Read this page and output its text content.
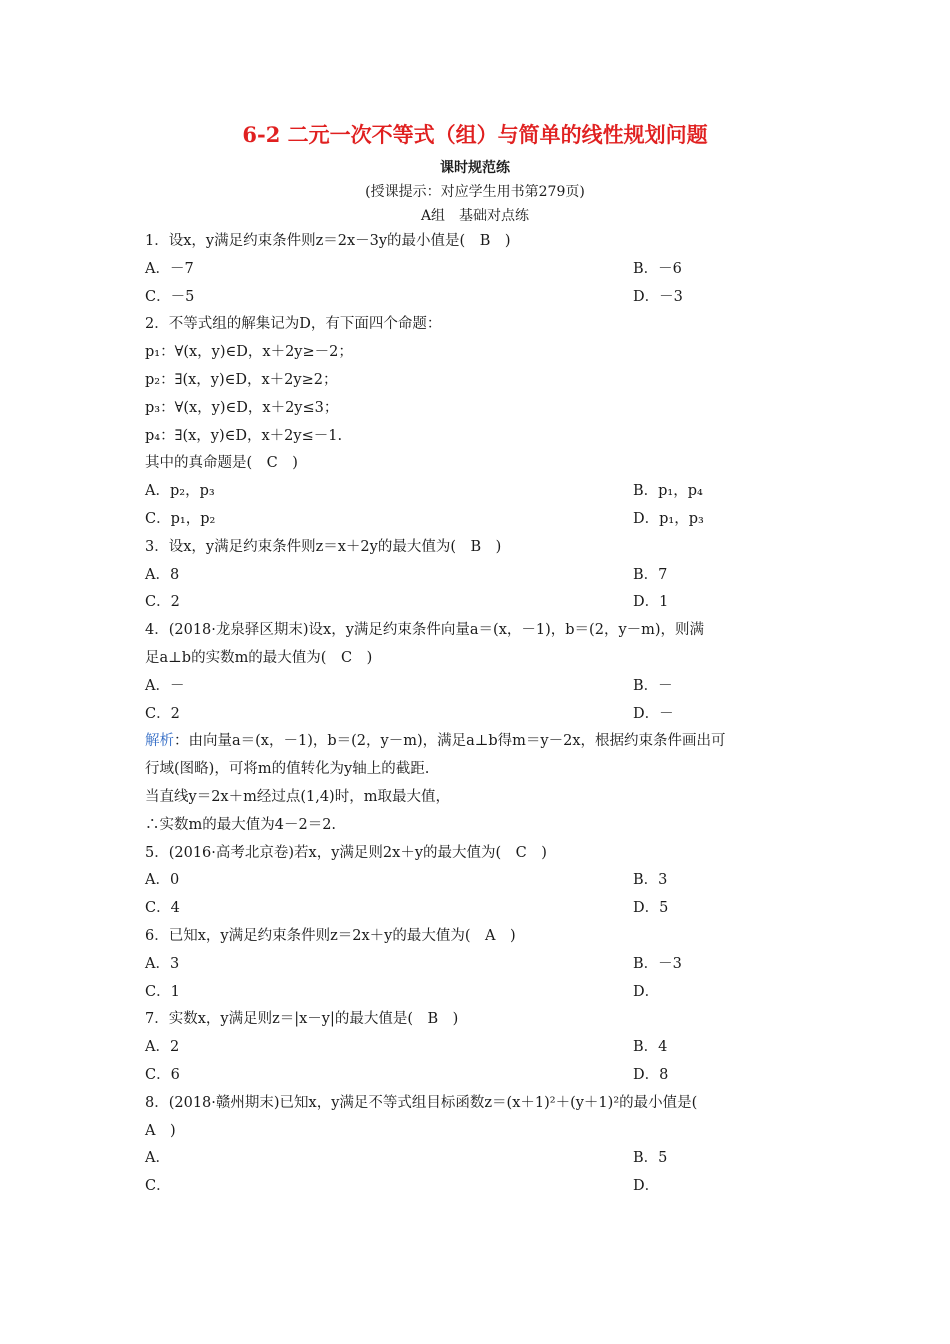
6-2 二元一次不等式（组）与简单的线性规划问题
课时规范练
(授课提示：对应学生用书第279页)
A组　基础对点练
1．设x，y满足约束条件则z＝2x－3y的最小值是(　B　)
A．－7	B．－6
C．－5	D．－3
2．不等式组的解集记为D，有下面四个命题：
p₁：∀(x，y)∈D，x＋2y≥－2；
p₂：∃(x，y)∈D，x＋2y≥2；
p₃：∀(x，y)∈D，x＋2y≤3；
p₄：∃(x，y)∈D，x＋2y≤－1.
其中的真命题是(　C　)
A．p₂，p₃	B．p₁，p₄
C．p₁，p₂	D．p₁，p₃
3．设x，y满足约束条件则z＝x＋2y的最大值为(　B　)
A．8	B．7
C．2	D．1
4．(2018·龙泉驿区期末)设x，y满足约束条件向量a＝(x，－1)，b＝(2，y－m)，则满
足a⊥b的实数m的最大值为(　C　)
A．－	B．－
C．2	D．－
解析：由向量a＝(x，－1)，b＝(2，y－m)，满足a⊥b得m＝y－2x，根据约束条件画出可
行域(图略)，可将m的值转化为y轴上的截距.
当直线y＝2x＋m经过点(1,4)时，m取最大值，
∴实数m的最大值为4－2＝2.
5．(2016·高考北京卷)若x，y满足则2x＋y的最大值为(　C　)
A．0	B．3
C．4	D．5
6．已知x，y满足约束条件则z＝2x＋y的最大值为(　A　)
A．3	B．－3
C．1	D．
7．实数x，y满足则z＝|x－y|的最大值是(　B　)
A．2	B．4
C．6	D．8
8．(2018·赣州期末)已知x，y满足不等式组目标函数z＝(x＋1)²＋(y＋1)²的最小值是(
A　)
A．	B．5
C．	D．
